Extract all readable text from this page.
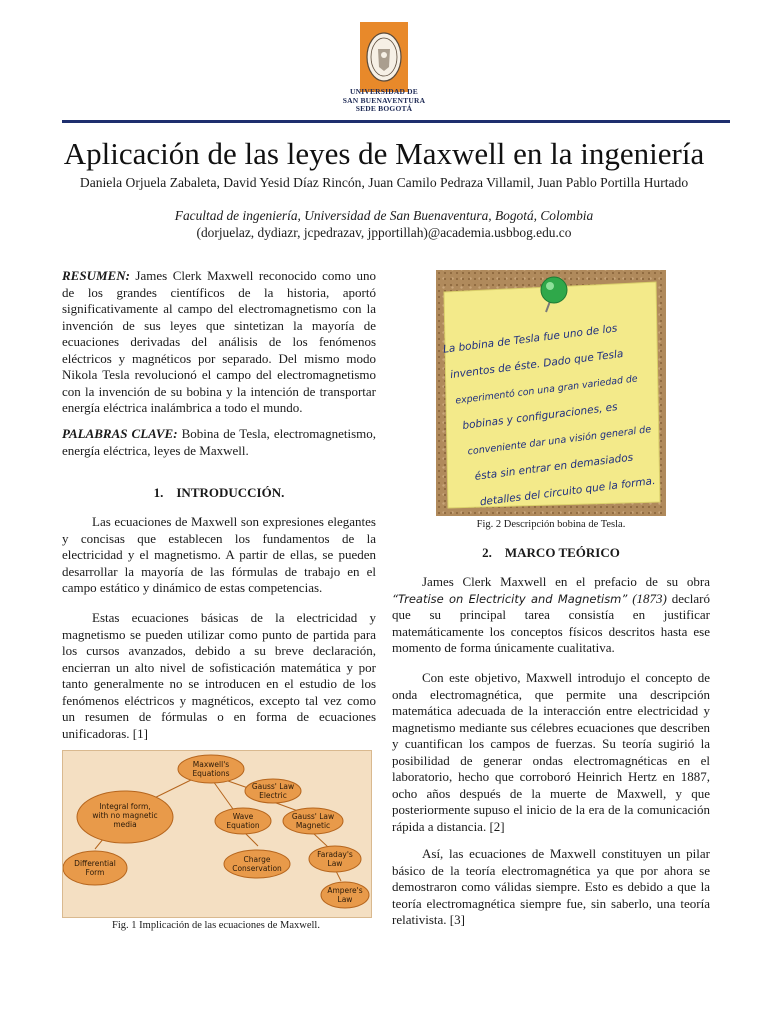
UNIVERSIDAD DE
SAN BUENAVENTURA
SEDE BOGOTÁ
Aplicación de las leyes de Maxwell en la ingeniería
Daniela Orjuela Zabaleta, David Yesid Díaz Rincón, Juan Camilo Pedraza Villamil, Juan Pablo Portilla Hurtado
Facultad de ingeniería, Universidad de San Buenaventura, Bogotá, Colombia
(dorjuelaz, dydiazr, jcpedrazav, jpportillah)@academia.usbbog.edu.co

RESUMEN: James Clerk Maxwell reconocido como uno de los grandes científicos de la historia, aportó significativamente al campo del electromagnetismo con la invención de sus leyes que sintetizan la mayoría de ecuaciones derivadas del análisis de los fenómenos eléctricos y magnéticos por separado. Del mismo modo Nikola Tesla revolucionó el campo del electromagnetismo con la invención de su bobina y la intención de transportar energía eléctrica inalámbrica a todo el mundo.

PALABRAS CLAVE: Bobina de Tesla, electromagnetismo, energía eléctrica, leyes de Maxwell.

1.    INTRODUCCIÓN.

Las ecuaciones de Maxwell son expresiones elegantes y concisas que establecen los fundamentos de la electricidad y el magnetismo. A partir de ellas, se pueden desarrollar la mayoría de las fórmulas de trabajo en el campo estático y dinámico de estas competencias.

Estas ecuaciones básicas de la electricidad y magnetismo se pueden utilizar como punto de partida para los cursos avanzados, debido a su breve declaración, encierran un alto nivel de sofisticación matemática y por tanto generalmente no se introducen en el estudio de los fenómenos eléctricos y magnéticos, excepto tal vez como un resumen de fórmulas o en forma de ecuaciones unificadoras. [1]

Maxwell's
Equations
Gauss' Law
Electric
Integral form,
with no magnetic
media
Wave
Equation
Gauss' Law
Magnetic
Differential
Form
Charge
Conservation
Faraday's
Law
Ampere's
Law
Fig. 1 Implicación de las ecuaciones de Maxwell.
La bobina de Tesla fue uno de los
inventos de éste. Dado que Tesla
experimentó con una gran variedad de
bobinas y configuraciones, es
conveniente dar una visión general de
ésta sin entrar en demasiados
detalles del circuito que la forma.
Fig. 2 Descripción bobina de Tesla.
2.    MARCO TEÓRICO

James Clerk Maxwell en el prefacio de su obra “Treatise on Electricity and Magnetism” (1873) declaró que su principal tarea consistía en justificar matemáticamente los conceptos físicos descritos hasta ese momento de forma únicamente cualitativa.

Con este objetivo, Maxwell introdujo el concepto de onda electromagnética, que permite una descripción matemática adecuada de la interacción entre electricidad y magnetismo mediante sus célebres ecuaciones que describen y cuantifican los campos de fuerzas. Su teoría sugirió la posibilidad de generar ondas electromagnéticas en el laboratorio, hecho que corroboró Heinrich Hertz en 1887, ocho años después de la muerte de Maxwell, y que posteriormente supuso el inicio de la era de la comunicación rápida a distancia. [2]

Así, las ecuaciones de Maxwell constituyen un pilar básico de la teoría electromagnética ya que por ahora se demostraron como válidas siempre. Esto es debido a que la teoría electromagnética siempre fue, sin saberlo, una teoría relativista. [3]
